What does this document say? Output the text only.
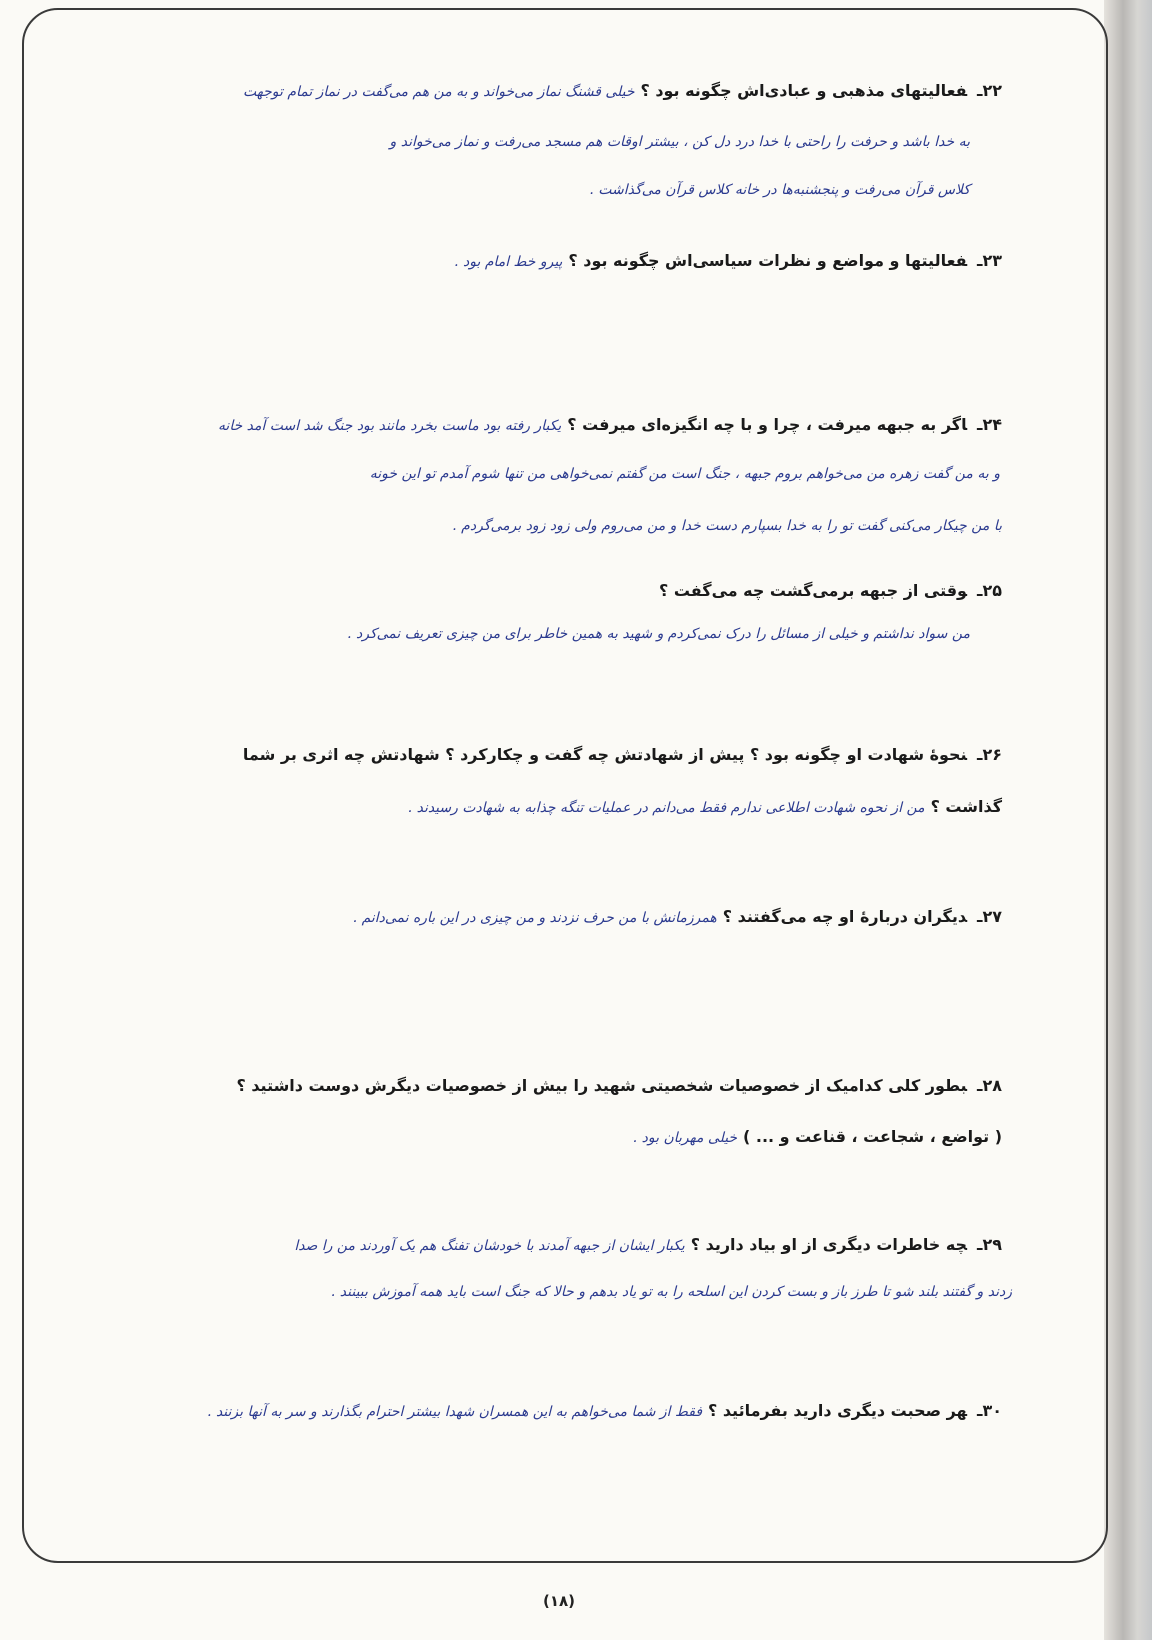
۲۲ـفعالیتهای مذهبی و عبادی‌اش چگونه بود ؟خیلی قشنگ نماز می‌خواند و به من هم می‌گفت در نماز تمام توجهت
به خدا باشد و حرفت را راحتی با خدا درد دل کن ، بیشتر اوقات هم مسجد می‌رفت و نماز می‌خواند و
کلاس قرآن می‌رفت و پنجشنبه‌ها در خانه کلاس قرآن می‌گذاشت .
۲۳ـفعالیتها و مواضع و نظرات سیاسی‌اش چگونه بود ؟پیرو خط امام بود .
۲۴ـاگر به جبهه میرفت ، چرا و با چه انگیزه‌ای میرفت ؟یکبار رفته بود ماست بخرد مانند بود جنگ شد است آمد خانه
و به من گفت زهره من می‌خواهم بروم جبهه ، جنگ است من گفتم نمی‌خواهی من تنها شوم آمدم تو این خونه
با من چیکار می‌کنی گفت تو را به خدا بسپارم دست خدا و من می‌روم ولی زود زود برمی‌گردم .
۲۵ـوقتی از جبهه برمی‌گشت چه می‌گفت ؟
من سواد نداشتم و خیلی از مسائل را درک نمی‌کردم و شهید به همین خاطر برای من چیزی تعریف نمی‌کرد .
۲۶ـنحوهٔ شهادت او چگونه بود ؟ پیش از شهادتش چه گفت و چکارکرد ؟ شهادتش چه اثری بر شما
گذاشت ؟من از نحوه شهادت اطلاعی ندارم فقط می‌دانم در عملیات تنگه چذابه به شهادت رسیدند .
۲۷ـدیگران دربارهٔ او چه می‌گفتند ؟همرزمانش با من حرف نزدند و من چیزی در این باره نمی‌دانم .
۲۸ـبطور کلی کدامیک از خصوصیات شخصیتی شهید را بیش از خصوصیات دیگرش دوست داشتید ؟
( تواضع ، شجاعت ، قناعت و ... )خیلی مهربان بود .
۲۹ـچه خاطرات دیگری از او بیاد دارید ؟یکبار ایشان از جبهه آمدند با خودشان تفنگ هم یک آوردند من را صدا
زدند و گفتند بلند شو تا طرز باز و بست کردن این اسلحه را به تو یاد بدهم و حالا که جنگ است باید همه آموزش ببینند .
۳۰ـهر صحبت دیگری دارید بفرمائید ؟فقط از شما می‌خواهم به این همسران شهدا بیشتر احترام بگذارند و سر به آنها بزنند .
(۱۸)
